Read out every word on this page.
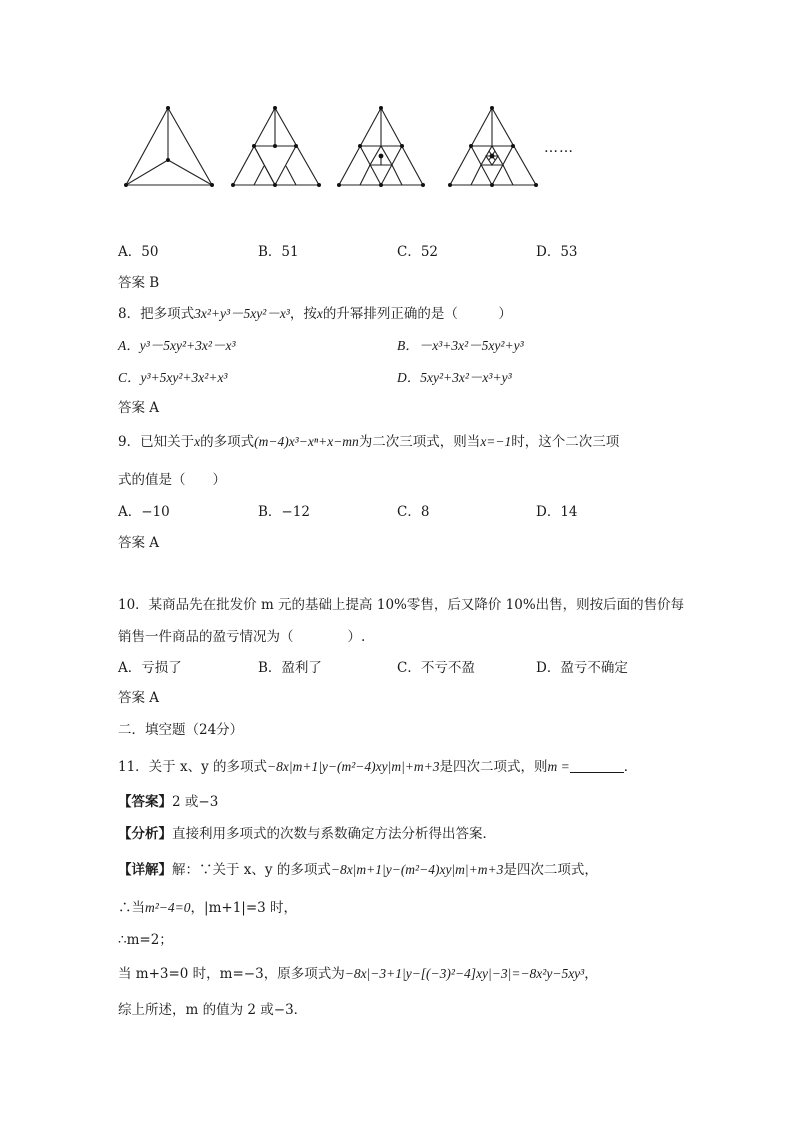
……
A．50	B．51	C．52	D．53
答案 B
8．把多项式3x²+y³－5xy²－x³，按x的升幂排列正确的是（　　　）
A．y³－5xy²+3x²－x³	B．－x³+3x²－5xy²+y³
C．y³+5xy²+3x²+x³	D．5xy²+3x²－x³+y³
答案 A
9．已知关于x的多项式(m−4)x³−xⁿ+x−mn为二次三项式，则当x=−1时，这个二次三项
式的值是（　　）
A．−10	B．−12	C．8	D．14
答案 A
10．某商品先在批发价 m 元的基础上提高 10%零售，后又降价 10%出售，则按后面的售价每
销售一件商品的盈亏情况为（　　　　）.
A．亏损了	B．盈利了	C．不亏不盈	D．盈亏不确定
答案 A
二．填空题（24分）
11．关于 x、y 的多项式−8x|m+1|y−(m²−4)xy|m|+m+3是四次二项式，则m =	．
【答案】2 或−3
【分析】直接利用多项式的次数与系数确定方法分析得出答案．
【详解】解：∵关于 x、y 的多项式−8x|m+1|y−(m²−4)xy|m|+m+3是四次二项式，
∴当m²−4=0，|m+1|=3 时，
∴m=2；
当 m+3=0 时，m=−3，原多项式为−8x|−3+1|y−[(−3)²−4]xy|−3|=−8x²y−5xy³，
综上所述，m 的值为 2 或−3．
